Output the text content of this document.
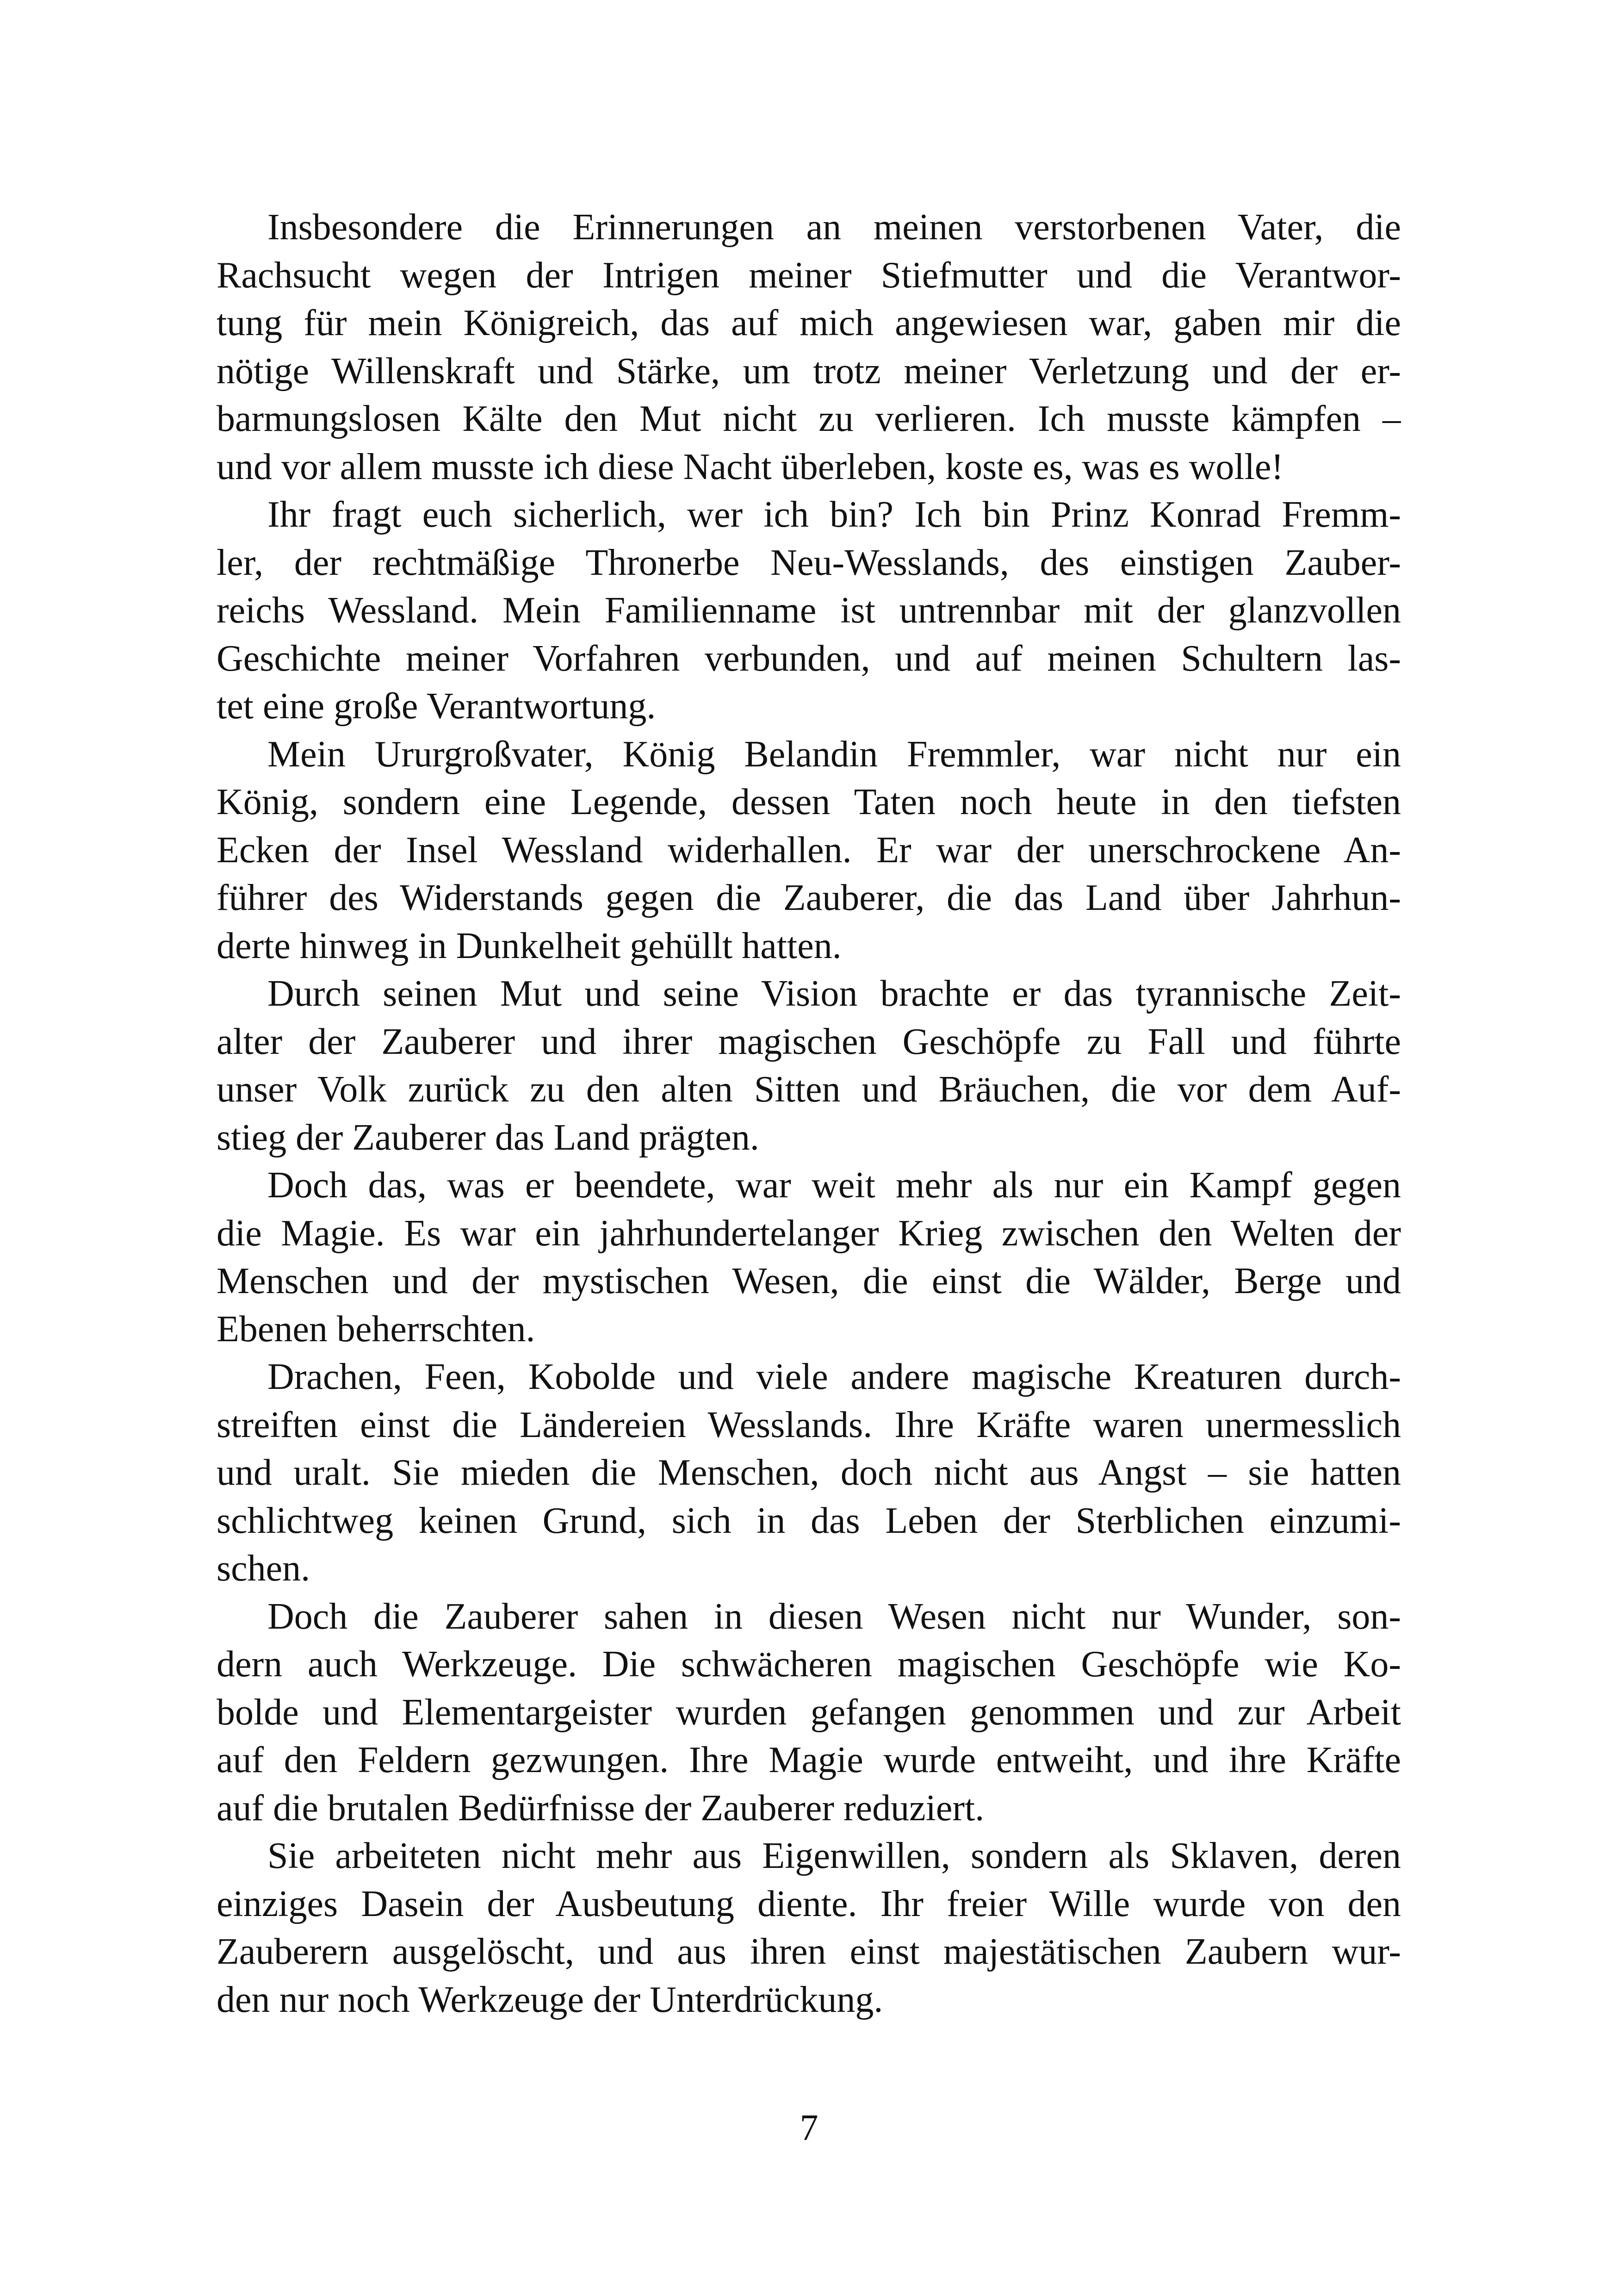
Insbesondere die Erinnerungen an meinen verstorbenen Vater, die
Rachsucht wegen der Intrigen meiner Stiefmutter und die Verantwor-
tung für mein Königreich, das auf mich angewiesen war, gaben mir die
nötige Willenskraft und Stärke, um trotz meiner Verletzung und der er-
barmungslosen Kälte den Mut nicht zu verlieren. Ich musste kämpfen –
und vor allem musste ich diese Nacht überleben, koste es, was es wolle!
Ihr fragt euch sicherlich, wer ich bin? Ich bin Prinz Konrad Fremm-
ler, der rechtmäßige Thronerbe Neu-Wesslands, des einstigen Zauber-
reichs Wessland. Mein Familienname ist untrennbar mit der glanzvollen
Geschichte meiner Vorfahren verbunden, und auf meinen Schultern las-
tet eine große Verantwortung.
Mein Ururgroßvater, König Belandin Fremmler, war nicht nur ein
König, sondern eine Legende, dessen Taten noch heute in den tiefsten
Ecken der Insel Wessland widerhallen. Er war der unerschrockene An-
führer des Widerstands gegen die Zauberer, die das Land über Jahrhun-
derte hinweg in Dunkelheit gehüllt hatten.
Durch seinen Mut und seine Vision brachte er das tyrannische Zeit-
alter der Zauberer und ihrer magischen Geschöpfe zu Fall und führte
unser Volk zurück zu den alten Sitten und Bräuchen, die vor dem Auf-
stieg der Zauberer das Land prägten.
Doch das, was er beendete, war weit mehr als nur ein Kampf gegen
die Magie. Es war ein jahrhundertelanger Krieg zwischen den Welten der
Menschen und der mystischen Wesen, die einst die Wälder, Berge und
Ebenen beherrschten.
Drachen, Feen, Kobolde und viele andere magische Kreaturen durch-
streiften einst die Ländereien Wesslands. Ihre Kräfte waren unermesslich
und uralt. Sie mieden die Menschen, doch nicht aus Angst – sie hatten
schlichtweg keinen Grund, sich in das Leben der Sterblichen einzumi-
schen.
Doch die Zauberer sahen in diesen Wesen nicht nur Wunder, son-
dern auch Werkzeuge. Die schwächeren magischen Geschöpfe wie Ko-
bolde und Elementargeister wurden gefangen genommen und zur Arbeit
auf den Feldern gezwungen. Ihre Magie wurde entweiht, und ihre Kräfte
auf die brutalen Bedürfnisse der Zauberer reduziert.
Sie arbeiteten nicht mehr aus Eigenwillen, sondern als Sklaven, deren
einziges Dasein der Ausbeutung diente. Ihr freier Wille wurde von den
Zauberern ausgelöscht, und aus ihren einst majestätischen Zaubern wur-
den nur noch Werkzeuge der Unterdrückung.
7
